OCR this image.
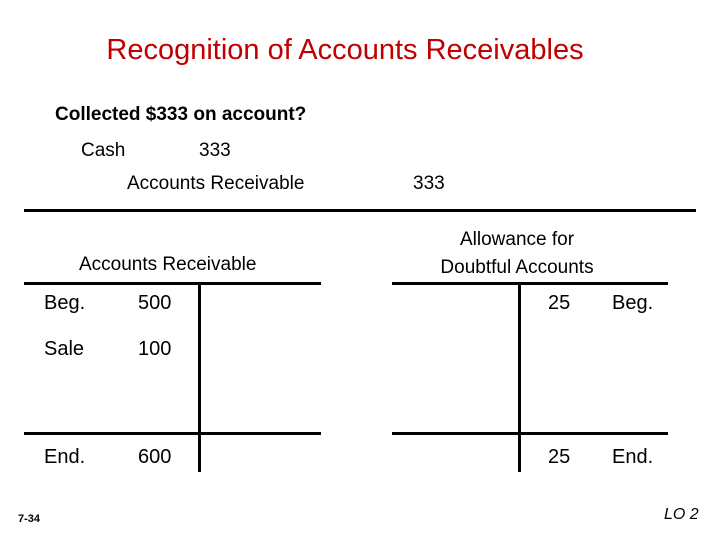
Recognition of Accounts Receivables
Collected $333 on account?
Cash	333
Accounts Receivable	333
Accounts Receivable
Beg.	500
Sale	100
End.	600
Allowance for
Doubtful Accounts
25 Beg.
25 End.
7-34	LO 2
